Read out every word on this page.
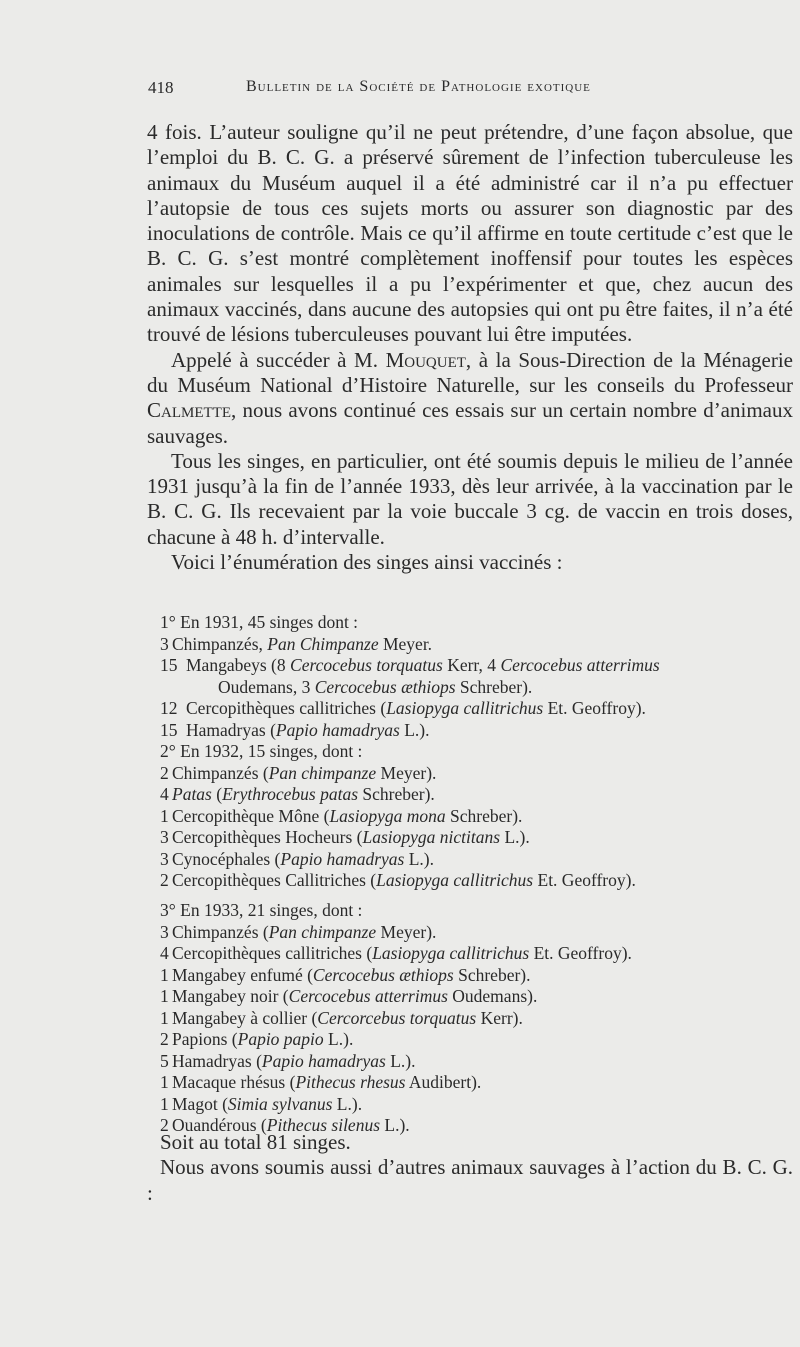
418	Bulletin de la Société de Pathologie exotique

4 fois. L’auteur souligne qu’il ne peut prétendre, d’une façon absolue, que l’emploi du B. C. G. a préservé sûrement de l’infection tuberculeuse les animaux du Muséum auquel il a été administré car il n’a pu effectuer l’autopsie de tous ces sujets morts ou assurer son diagnostic par des inoculations de contrôle. Mais ce qu’il affirme en toute certitude c’est que le B. C. G. s’est montré complètement inoffensif pour toutes les espèces animales sur lesquelles il a pu l’expérimenter et que, chez aucun des animaux vaccinés, dans aucune des autopsies qui ont pu être faites, il n’a été trouvé de lésions tuberculeuses pouvant lui être imputées.

Appelé à succéder à M. Mouquet, à la Sous-Direction de la Ménagerie du Muséum National d’Histoire Naturelle, sur les conseils du Professeur Calmette, nous avons continué ces essais sur un certain nombre d’animaux sauvages.

Tous les singes, en particulier, ont été soumis depuis le milieu de l’année 1931 jusqu’à la fin de l’année 1933, dès leur arrivée, à la vaccination par le B. C. G. Ils recevaient par la voie buccale 3 cg. de vaccin en trois doses, chacune à 48 h. d’intervalle.

Voici l’énumération des singes ainsi vaccinés :

1° En 1931, 45 singes dont :
3 Chimpanzés, Pan Chimpanze Meyer.
15 Mangabeys (8 Cercocebus torquatus Kerr, 4 Cercocebus atterrimus
Oudemans, 3 Cercocebus æthiops Schreber).
12 Cercopithèques callitriches (Lasiopyga callitrichus Et. Geoffroy).
15 Hamadryas (Papio hamadryas L.).
2° En 1932, 15 singes, dont :
2 Chimpanzés (Pan chimpanze Meyer).
4 Patas (Erythrocebus patas Schreber).
1 Cercopithèque Mône (Lasiopyga mona Schreber).
3 Cercopithèques Hocheurs (Lasiopyga nictitans L.).
3 Cynocéphales (Papio hamadryas L.).
2 Cercopithèques Callitriches (Lasiopyga callitrichus Et. Geoffroy).
3° En 1933, 21 singes, dont :
3 Chimpanzés (Pan chimpanze Meyer).
4 Cercopithèques callitriches (Lasiopyga callitrichus Et. Geoffroy).
1 Mangabey enfumé (Cercocebus æthiops Schreber).
1 Mangabey noir (Cercocebus atterrimus Oudemans).
1 Mangabey à collier (Cercorcebus torquatus Kerr).
2 Papions (Papio papio L.).
5 Hamadryas (Papio hamadryas L.).
1 Macaque rhésus (Pithecus rhesus Audibert).
1 Magot (Simia sylvanus L.).
2 Ouandérous (Pithecus silenus L.).

Soit au total 81 singes.

Nous avons soumis aussi d’autres animaux sauvages à l’action du B. C. G. :
